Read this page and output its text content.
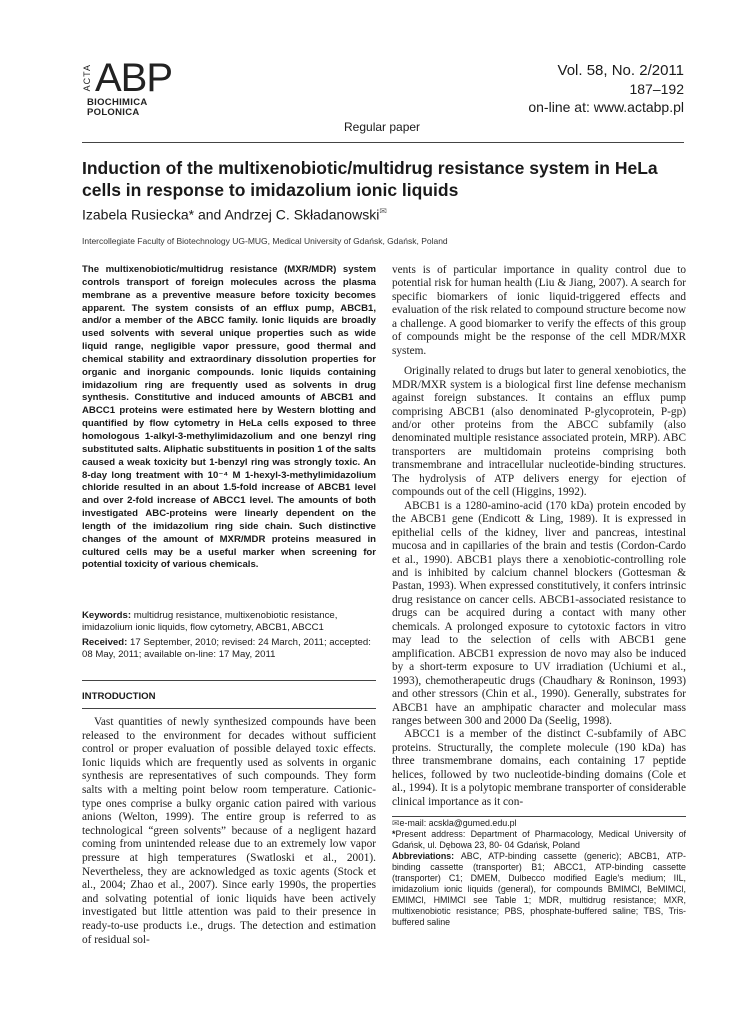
ACTA ABP
BIOCHIMICA
POLONICA
Vol. 58, No. 2/2011
187–192
on-line at: www.actabp.pl
Regular paper
Induction of the multixenobiotic/multidrug resistance system in HeLa cells in response to imidazolium ionic liquids
Izabela Rusiecka* and Andrzej C. Składanowski✉
Intercollegiate Faculty of Biotechnology UG-MUG, Medical University of Gdańsk, Gdańsk, Poland

The multixenobiotic/multidrug resistance (MXR/MDR) system controls transport of foreign molecules across the plasma membrane as a preventive measure before toxicity becomes apparent. The system consists of an efflux pump, ABCB1, and/or a member of the ABCC family. Ionic liquids are broadly used solvents with several unique properties such as wide liquid range, negligible vapor pressure, good thermal and chemical stability and extraordinary dissolution properties for organic and inorganic compounds. Ionic liquids containing imidazolium ring are frequently used as solvents in drug synthesis. Constitutive and induced amounts of ABCB1 and ABCC1 proteins were estimated here by Western blotting and quantified by flow cytometry in HeLa cells exposed to three homologous 1-alkyl-3-methylimidazolium and one benzyl ring substituted salts. Aliphatic substituents in position 1 of the salts caused a weak toxicity but 1-benzyl ring was strongly toxic. An 8-day long treatment with 10⁻⁴ M 1-hexyl-3-methylimidazolium chloride resulted in an about 1.5-fold increase of ABCB1 level and over 2-fold increase of ABCC1 level. The amounts of both investigated ABC-proteins were linearly dependent on the length of the imidazolium ring side chain. Such distinctive changes of the amount of MXR/MDR proteins measured in cultured cells may be a useful marker when screening for potential toxicity of various chemicals.

Keywords: multidrug resistance, multixenobiotic resistance, imidazolium ionic liquids, flow cytometry, ABCB1, ABCC1

Received: 17 September, 2010; revised: 24 March, 2011; accepted: 08 May, 2011; available on-line: 17 May, 2011

INTRODUCTION

Vast quantities of newly synthesized compounds have been released to the environment for decades without sufficient control or proper evaluation of possible delayed toxic effects. Ionic liquids which are frequently used as solvents in organic synthesis are representatives of such compounds. They form salts with a melting point below room temperature. Cationic-type ones comprise a bulky organic cation paired with various anions (Welton, 1999). The entire group is referred to as technological “green solvents” because of a negligent hazard coming from unintended release due to an extremely low vapor pressure at high temperatures (Swatloski et al., 2001). Nevertheless, they are acknowledged as toxic agents (Stock et al., 2004; Zhao et al., 2007). Since early 1990s, the properties and solvating potential of ionic liquids have been actively investigated but little attention was paid to their presence in ready-to-use products i.e., drugs. The detection and estimation of residual sol-

vents is of particular importance in quality control due to potential risk for human health (Liu & Jiang, 2007). A search for specific biomarkers of ionic liquid-triggered effects and evaluation of the risk related to compound structure become now a challenge. A good biomarker to verify the effects of this group of compounds might be the response of the cell MDR/MXR system.

Originally related to drugs but later to general xenobiotics, the MDR/MXR system is a biological first line defense mechanism against foreign substances. It contains an efflux pump comprising ABCB1 (also denominated P-glycoprotein, P-gp) and/or other proteins from the ABCC subfamily (also denominated multiple resistance associated protein, MRP). ABC transporters are multidomain proteins comprising both transmembrane and intracellular nucleotide-binding structures. The hydrolysis of ATP delivers energy for ejection of compounds out of the cell (Higgins, 1992).

ABCB1 is a 1280-amino-acid (170 kDa) protein encoded by the ABCB1 gene (Endicott & Ling, 1989). It is expressed in epithelial cells of the kidney, liver and pancreas, intestinal mucosa and in capillaries of the brain and testis (Cordon-Cardo et al., 1990). ABCB1 plays there a xenobiotic-controlling role and is inhibited by calcium channel blockers (Gottesman & Pastan, 1993). When expressed constitutively, it confers intrinsic drug resistance on cancer cells. ABCB1-associated resistance to drugs can be acquired during a contact with many other chemicals. A prolonged exposure to cytotoxic factors in vitro may lead to the selection of cells with ABCB1 gene amplification. ABCB1 expression de novo may also be induced by a short-term exposure to UV irradiation (Uchiumi et al., 1993), chemotherapeutic drugs (Chaudhary & Roninson, 1993) and other stressors (Chin et al., 1990). Generally, substrates for ABCB1 have an amphipatic character and molecular mass ranges between 300 and 2000 Da (Seelig, 1998).

ABCC1 is a member of the distinct C-subfamily of ABC proteins. Structurally, the complete molecule (190 kDa) has three transmembrane domains, each containing 17 peptide helices, followed by two nucleotide-binding domains (Cole et al., 1994). It is a polytopic membrane transporter of considerable clinical importance as it con-

✉e-mail: acskla@gumed.edu.pl

*Present address: Department of Pharmacology, Medical University of Gdańsk, ul. Dębowa 23, 80- 04 Gdańsk, Poland

Abbreviations: ABC, ATP-binding cassette (generic); ABCB1, ATP-binding cassette (transporter) B1; ABCC1, ATP-binding cassette (transporter) C1; DMEM, Dulbecco modified Eagle's medium; IIL, imidazolium ionic liquids (general), for compounds BMIMCl, BeMIMCl, EMIMCl, HMIMCl see Table 1; MDR, multidrug resistance; MXR, multixenobiotic resistance; PBS, phosphate-buffered saline; TBS, Tris-buffered saline
